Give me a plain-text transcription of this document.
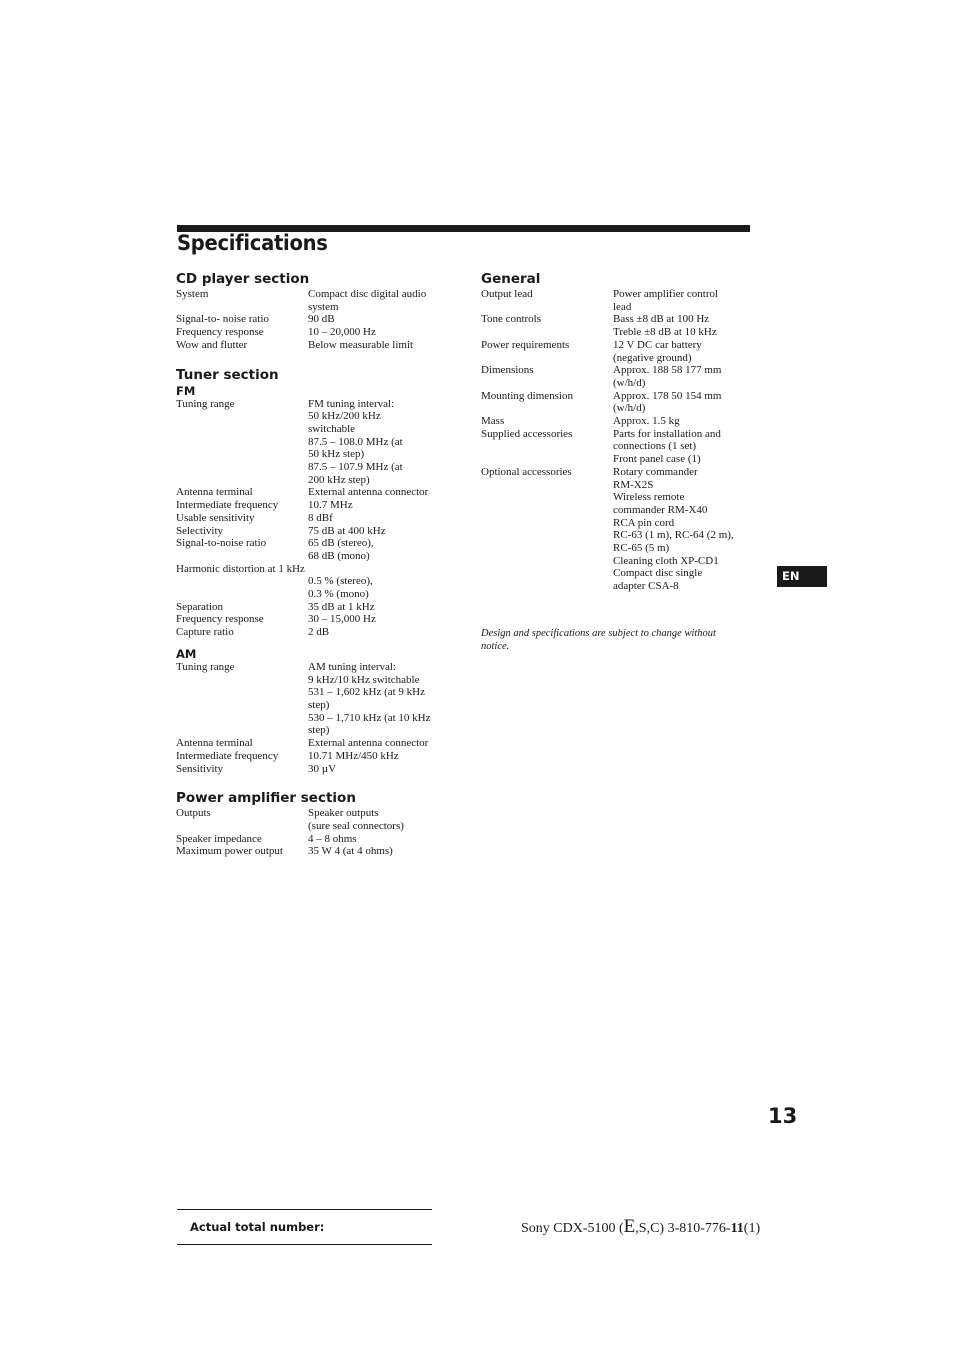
Specifications
CD player section
System	Compact disc digital audio
system
Signal-to- noise ratio	90 dB
Frequency response	10 – 20,000 Hz
Wow and flutter	Below measurable limit
Tuner section
FM
Tuning range	FM tuning interval:
50 kHz/200 kHz
switchable
87.5 – 108.0 MHz (at
50 kHz step)
87.5 – 107.9 MHz (at
200 kHz step)
Antenna terminal	External antenna connector
Intermediate frequency	10.7 MHz
Usable sensitivity	8 dBf
Selectivity	75 dB at 400 kHz
Signal-to-noise ratio	65 dB (stereo),
68 dB (mono)
Harmonic distortion at 1 kHz
0.5 % (stereo),
0.3 % (mono)
Separation	35 dB at 1 kHz
Frequency response	30 – 15,000 Hz
Capture ratio	2 dB
AM
Tuning range	AM tuning interval:
9 kHz/10 kHz switchable
531 – 1,602 kHz (at 9 kHz
step)
530 – 1,710 kHz (at 10 kHz
step)
Antenna terminal	External antenna connector
Intermediate frequency	10.71 MHz/450 kHz
Sensitivity	30 µV
Power amplifier section
Outputs	Speaker outputs
(sure seal connectors)
Speaker impedance	4 – 8 ohms
Maximum power output	35 W 4 (at 4 ohms)
General
Output lead	Power amplifier control
lead
Tone controls	Bass ±8 dB at 100 Hz
Treble ±8 dB at 10 kHz
Power requirements	12 V DC car battery
(negative ground)
Dimensions	Approx. 188 58 177 mm
(w/h/d)
Mounting dimension	Approx. 178 50 154 mm
(w/h/d)
Mass	Approx. 1.5 kg
Supplied accessories	Parts for installation and
connections (1 set)
Front panel case (1)
Optional accessories	Rotary commander
RM-X2S
Wireless remote
commander RM-X40
RCA pin cord
RC-63 (1 m), RC-64 (2 m),
RC-65 (5 m)
Cleaning cloth XP-CD1
Compact disc single
adapter CSA-8
Design and specifications are subject to change without notice.
EN
13
Actual total number:	Sony CDX-5100 (E,S,C) 3-810-776-11(1)
